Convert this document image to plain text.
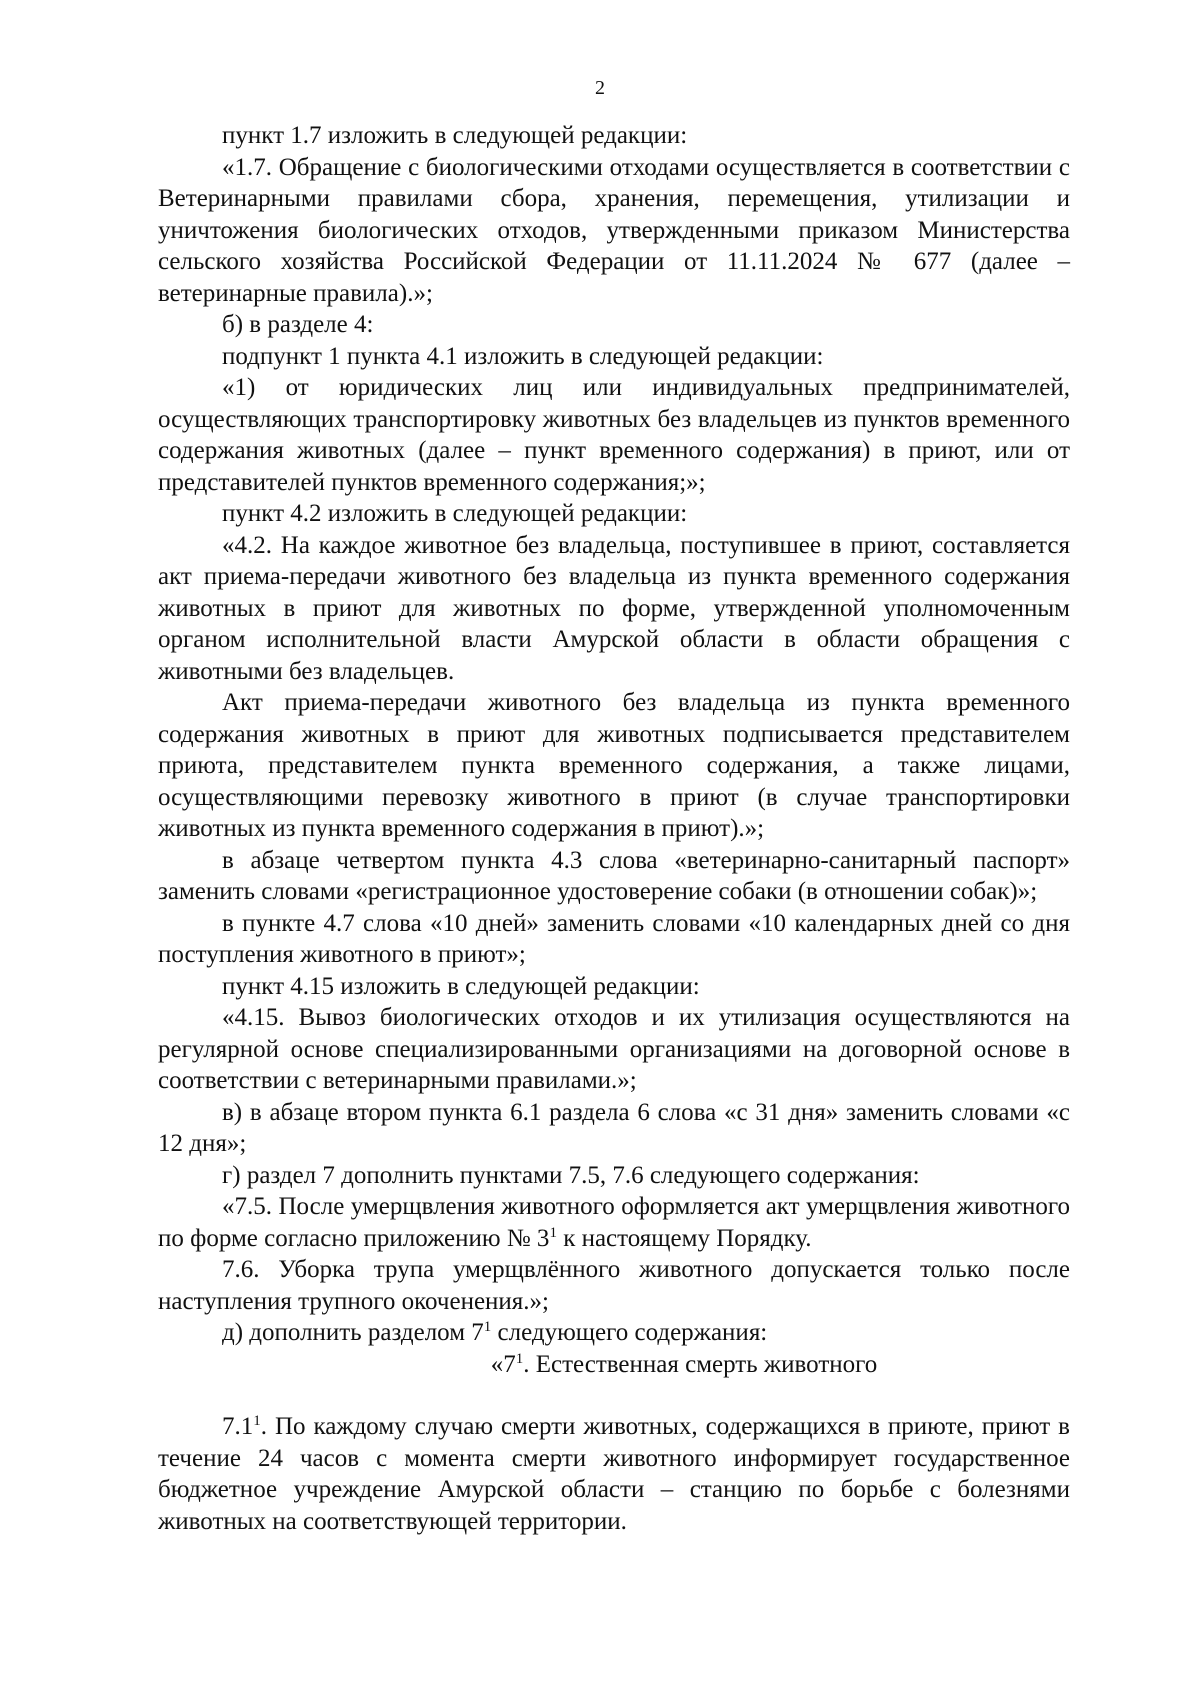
2

пункт 1.7 изложить в следующей редакции:

«1.7. Обращение с биологическими отходами осуществляется в соответствии с Ветеринарными правилами сбора, хранения, перемещения, утилизации и уничтожения биологических отходов, утвержденными приказом Министерства сельского хозяйства Российской Федерации от 11.11.2024 № 677 (далее – ветеринарные правила).»;

б) в разделе 4:

подпункт 1 пункта 4.1 изложить в следующей редакции:

«1) от юридических лиц или индивидуальных предпринимателей, осуществляющих транспортировку животных без владельцев из пунктов временного содержания животных (далее – пункт временного содержания) в приют, или от представителей пунктов временного содержания;»;

пункт 4.2 изложить в следующей редакции:

«4.2. На каждое животное без владельца, поступившее в приют, составляется акт приема-передачи животного без владельца из пункта временного содержания животных в приют для животных по форме, утвержденной уполномоченным органом исполнительной власти Амурской области в области обращения с животными без владельцев.

Акт приема-передачи животного без владельца из пункта временного содержания животных в приют для животных подписывается представителем приюта, представителем пункта временного содержания, а также лицами, осуществляющими перевозку животного в приют (в случае транспортировки животных из пункта временного содержания в приют).»;

в абзаце четвертом пункта 4.3 слова «ветеринарно-санитарный паспорт» заменить словами «регистрационное удостоверение собаки (в отношении собак)»;

в пункте 4.7 слова «10 дней» заменить словами «10 календарных дней со дня поступления животного в приют»;

пункт 4.15 изложить в следующей редакции:

«4.15. Вывоз биологических отходов и их утилизация осуществляются на регулярной основе специализированными организациями на договорной основе в соответствии с ветеринарными правилами.»;

в) в абзаце втором пункта 6.1 раздела 6 слова «с 31 дня» заменить словами «с 12 дня»;

г) раздел 7 дополнить пунктами 7.5, 7.6 следующего содержания:

«7.5. После умерщвления животного оформляется акт умерщвления животного по форме согласно приложению № $3^1$ к настоящему Порядку.

7.6. Уборка трупа умерщвлённого животного допускается только после наступления трупного окоченения.»;

д) дополнить разделом $7^1$ следующего содержания:

«$7^1$. Естественная смерть животного

$7.1^1$. По каждому случаю смерти животных, содержащихся в приюте, приют в течение 24 часов с момента смерти животного информирует государственное бюджетное учреждение Амурской области – станцию по борьбе с болезнями животных на соответствующей территории.
